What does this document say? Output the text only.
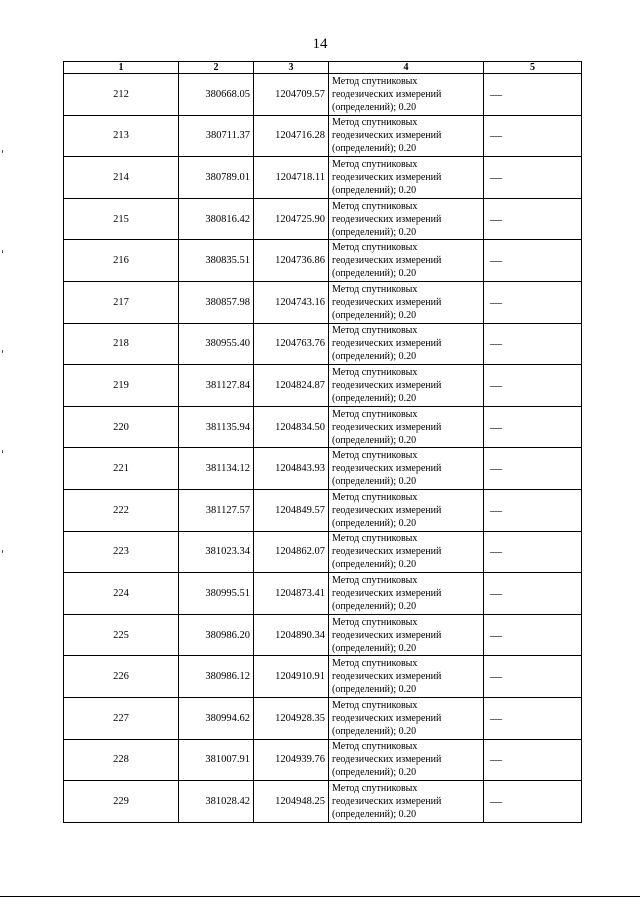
14
1	2	3	4	5
212	380668.05	1204709.57	Метод спутниковых
геодезических измерений
(определений); 0.20	—
213	380711.37	1204716.28	Метод спутниковых
геодезических измерений
(определений); 0.20	—
214	380789.01	1204718.11	Метод спутниковых
геодезических измерений
(определений); 0.20	—
215	380816.42	1204725.90	Метод спутниковых
геодезических измерений
(определений); 0.20	—
216	380835.51	1204736.86	Метод спутниковых
геодезических измерений
(определений); 0.20	—
217	380857.98	1204743.16	Метод спутниковых
геодезических измерений
(определений); 0.20	—
218	380955.40	1204763.76	Метод спутниковых
геодезических измерений
(определений); 0.20	—
219	381127.84	1204824.87	Метод спутниковых
геодезических измерений
(определений); 0.20	—
220	381135.94	1204834.50	Метод спутниковых
геодезических измерений
(определений); 0.20	—
221	381134.12	1204843.93	Метод спутниковых
геодезических измерений
(определений); 0.20	—
222	381127.57	1204849.57	Метод спутниковых
геодезических измерений
(определений); 0.20	—
223	381023.34	1204862.07	Метод спутниковых
геодезических измерений
(определений); 0.20	—
224	380995.51	1204873.41	Метод спутниковых
геодезических измерений
(определений); 0.20	—
225	380986.20	1204890.34	Метод спутниковых
геодезических измерений
(определений); 0.20	—
226	380986.12	1204910.91	Метод спутниковых
геодезических измерений
(определений); 0.20	—
227	380994.62	1204928.35	Метод спутниковых
геодезических измерений
(определений); 0.20	—
228	381007.91	1204939.76	Метод спутниковых
геодезических измерений
(определений); 0.20	—
229	381028.42	1204948.25	Метод спутниковых
геодезических измерений
(определений); 0.20	—
